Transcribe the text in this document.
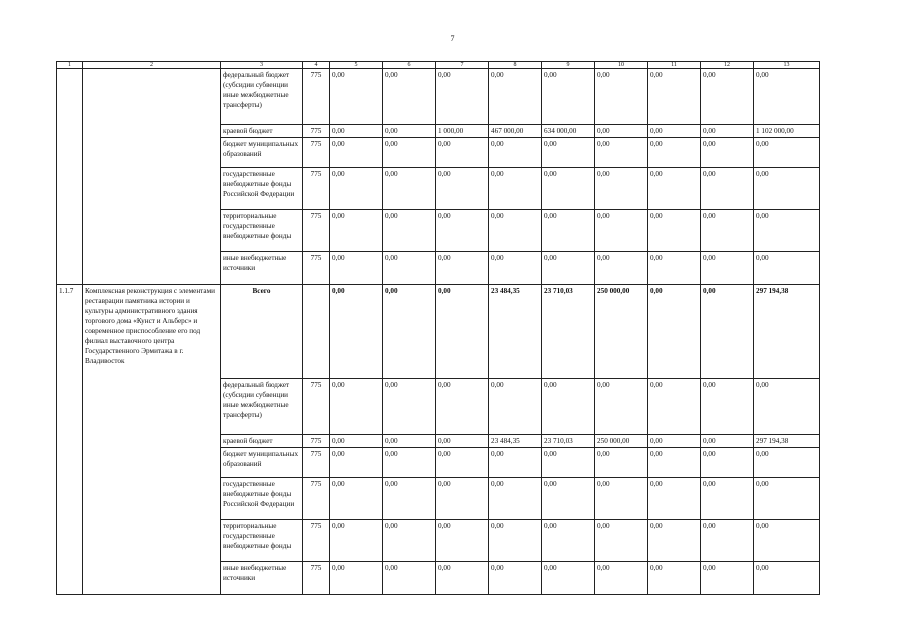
7
1	2	3	4	5	6	7	8	9	10	11	12	13
		федеральный бюджет (субсидии субвенции иные межбюджетные трансферты)	775	0,00	0,00	0,00	0,00	0,00	0,00	0,00	0,00	0,00
		краевой бюджет	775	0,00	0,00	1 000,00	467 000,00	634 000,00	0,00	0,00	0,00	1 102 000,00
		бюджет муниципальных образований	775	0,00	0,00	0,00	0,00	0,00	0,00	0,00	0,00	0,00
		государственные внебюджетные фонды Российской Федерации	775	0,00	0,00	0,00	0,00	0,00	0,00	0,00	0,00	0,00
		территориальные государственные внебюджетные фонды	775	0,00	0,00	0,00	0,00	0,00	0,00	0,00	0,00	0,00
		иные внебюджетные источники	775	0,00	0,00	0,00	0,00	0,00	0,00	0,00	0,00	0,00
1.1.7	Комплексная реконструкция с элементами реставрации памятника истории и культуры административного здания торгового дома «Кунст и Альберс» и современное приспособление его под филиал выставочного центра Государственного Эрмитажа в г. Владивосток	Всего		0,00	0,00	0,00	23 484,35	23 710,03	250 000,00	0,00	0,00	297 194,38
		федеральный бюджет (субсидии субвенции иные межбюджетные трансферты)	775	0,00	0,00	0,00	0,00	0,00	0,00	0,00	0,00	0,00
		краевой бюджет	775	0,00	0,00	0,00	23 484,35	23 710,03	250 000,00	0,00	0,00	297 194,38
		бюджет муниципальных образований	775	0,00	0,00	0,00	0,00	0,00	0,00	0,00	0,00	0,00
		государственные внебюджетные фонды Российской Федерации	775	0,00	0,00	0,00	0,00	0,00	0,00	0,00	0,00	0,00
		территориальные государственные внебюджетные фонды	775	0,00	0,00	0,00	0,00	0,00	0,00	0,00	0,00	0,00
		иные внебюджетные источники	775	0,00	0,00	0,00	0,00	0,00	0,00	0,00	0,00	0,00
